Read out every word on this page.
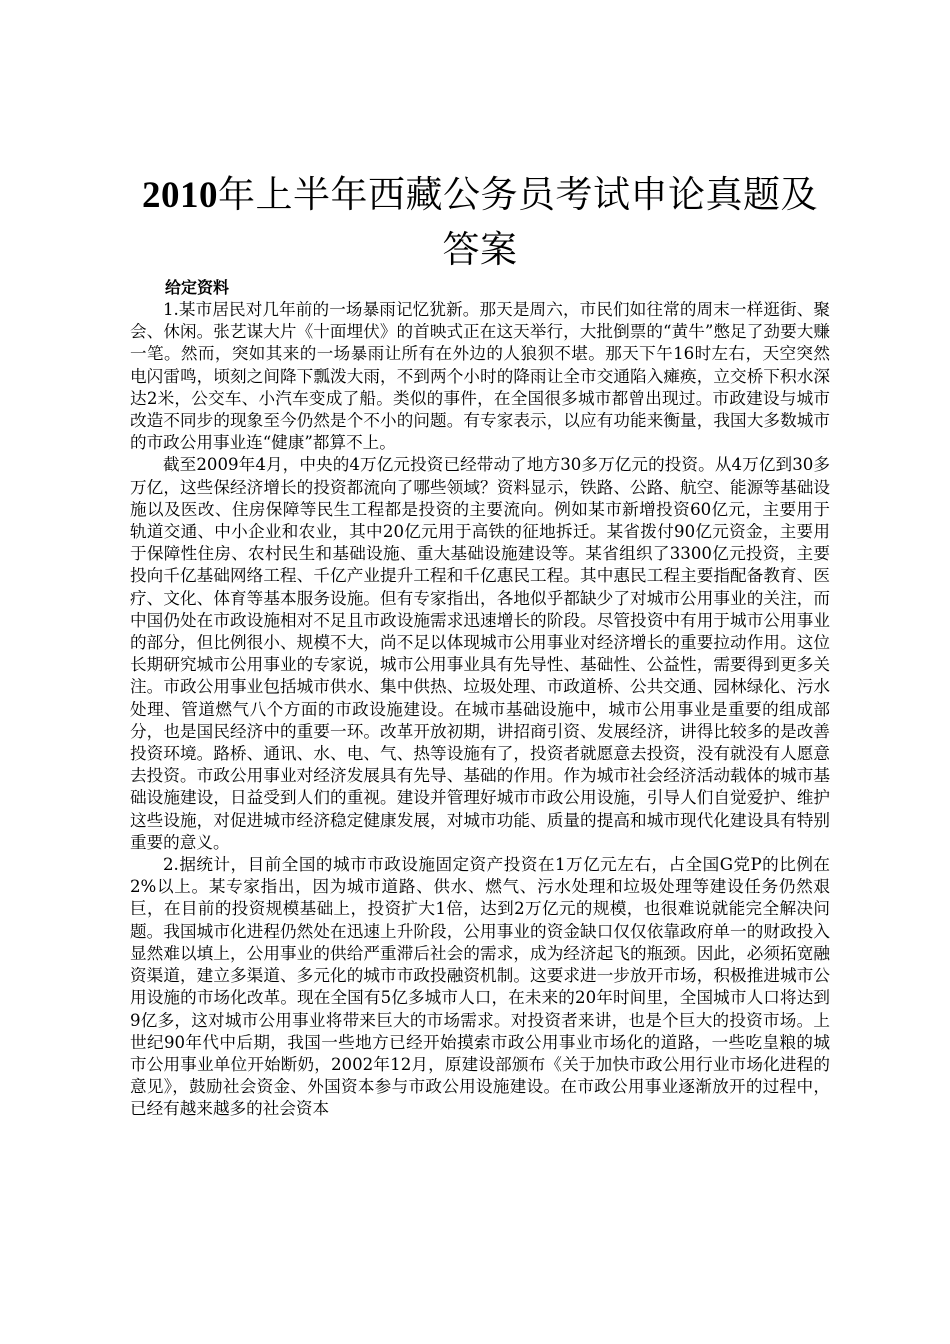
2010年上半年西藏公务员考试申论真题及答案
给定资料

1.某市居民对几年前的一场暴雨记忆犹新。那天是周六，市民们如往常的周末一样逛街、聚会、休闲。张艺谋大片《十面埋伏》的首映式正在这天举行，大批倒票的“黄牛”憋足了劲要大赚一笔。然而，突如其来的一场暴雨让所有在外边的人狼狈不堪。那天下午16时左右，天空突然电闪雷鸣，顷刻之间降下瓢泼大雨，不到两个小时的降雨让全市交通陷入瘫痪，立交桥下积水深达2米，公交车、小汽车变成了船。类似的事件，在全国很多城市都曾出现过。市政建设与城市改造不同步的现象至今仍然是个不小的问题。有专家表示，以应有功能来衡量，我国大多数城市的市政公用事业连“健康”都算不上。

截至2009年4月，中央的4万亿元投资已经带动了地方30多万亿元的投资。从4万亿到30多万亿，这些保经济增长的投资都流向了哪些领域？资料显示，铁路、公路、航空、能源等基础设施以及医改、住房保障等民生工程都是投资的主要流向。例如某市新增投资60亿元，主要用于轨道交通、中小企业和农业，其中20亿元用于高铁的征地拆迁。某省拨付90亿元资金，主要用于保障性住房、农村民生和基础设施、重大基础设施建设等。某省组织了3300亿元投资，主要投向千亿基础网络工程、千亿产业提升工程和千亿惠民工程。其中惠民工程主要指配备教育、医疗、文化、体育等基本服务设施。但有专家指出，各地似乎都缺少了对城市公用事业的关注，而中国仍处在市政设施相对不足且市政设施需求迅速增长的阶段。尽管投资中有用于城市公用事业的部分，但比例很小、规模不大，尚不足以体现城市公用事业对经济增长的重要拉动作用。这位长期研究城市公用事业的专家说，城市公用事业具有先导性、基础性、公益性，需要得到更多关注。市政公用事业包括城市供水、集中供热、垃圾处理、市政道桥、公共交通、园林绿化、污水处理、管道燃气八个方面的市政设施建设。在城市基础设施中，城市公用事业是重要的组成部分，也是国民经济中的重要一环。改革开放初期，讲招商引资、发展经济，讲得比较多的是改善投资环境。路桥、通讯、水、电、气、热等设施有了，投资者就愿意去投资，没有就没有人愿意去投资。市政公用事业对经济发展具有先导、基础的作用。作为城市社会经济活动载体的城市基础设施建设，日益受到人们的重视。建设并管理好城市市政公用设施，引导人们自觉爱护、维护这些设施，对促进城市经济稳定健康发展，对城市功能、质量的提高和城市现代化建设具有特别重要的意义。

2.据统计，目前全国的城市市政设施固定资产投资在1万亿元左右，占全国G党P的比例在2%以上。某专家指出，因为城市道路、供水、燃气、污水处理和垃圾处理等建设任务仍然艰巨，在目前的投资规模基础上，投资扩大1倍，达到2万亿元的规模，也很难说就能完全解决问题。我国城市化进程仍然处在迅速上升阶段，公用事业的资金缺口仅仅依靠政府单一的财政投入显然难以填上，公用事业的供给严重滞后社会的需求，成为经济起飞的瓶颈。因此，必须拓宽融资渠道，建立多渠道、多元化的城市市政投融资机制。这要求进一步放开市场，积极推进城市公用设施的市场化改革。现在全国有5亿多城市人口，在未来的20年时间里，全国城市人口将达到9亿多，这对城市公用事业将带来巨大的市场需求。对投资者来讲，也是个巨大的投资市场。上世纪90年代中后期，我国一些地方已经开始摸索市政公用事业市场化的道路，一些吃皇粮的城市公用事业单位开始断奶，2002年12月，原建设部颁布《关于加快市政公用行业市场化进程的意见》，鼓励社会资金、外国资本参与市政公用设施建设。在市政公用事业逐渐放开的过程中，已经有越来越多的社会资本
